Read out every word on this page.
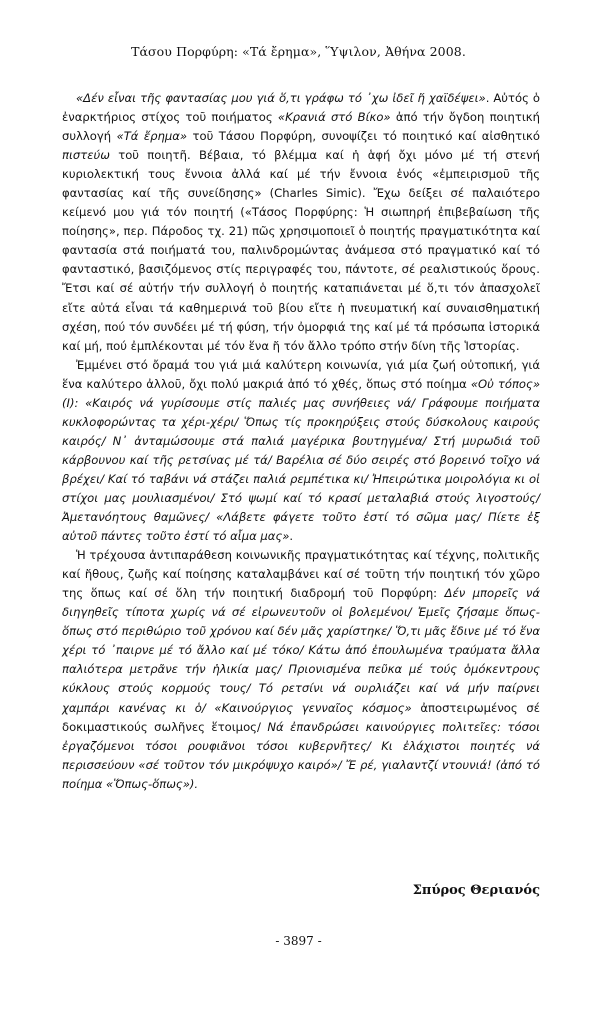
Τάσου Πορφύρη: «Τά ἔρημα», Ὕψιλον, Ἀθήνα 2008.

«Δέν εἶναι τῆς φαντασίας μου γιά ὅ,τι γράφω τό ᾽χω ἰδεῖ ἤ χαϊδέψει». Αὐτός ὁ ἐναρκτήριος στίχος τοῦ ποιήματος «Κρανιά στό Βίκο» ἀπό τήν ὄγδοη ποιητική συλλογή «Τά ἔρημα» τοῦ Τάσου Πορφύρη, συνοψίζει τό ποιητικό καί αἰσθητικό πιστεύω τοῦ ποιητῆ. Βέβαια, τό βλέμμα καί ἡ ἁφή ὄχι μόνο μέ τή στενή κυριολεκτική τους ἔννοια ἀλλά καί μέ τήν ἔννοια ἑνός «ἐμπειρισμοῦ τῆς φαντασίας καί τῆς συνείδησης» (Charles Simic). Ἔχω δείξει σέ παλαιότερο κείμενό μου γιά τόν ποιητή («Τάσος Πορφύρης: Ἡ σιωπηρή ἐπιβεβαίωση τῆς ποίησης», περ. Πάροδος τχ. 21) πῶς χρησιμοποιεῖ ὁ ποιητής πραγματικότητα καί φαντασία στά ποιήματά του, παλινδρομώντας ἀνάμεσα στό πραγματικό καί τό φανταστικό, βασιζόμενος στίς περιγραφές του, πάντοτε, σέ ρεαλιστικούς ὅρους. Ἔτσι καί σέ αὐτήν τήν συλλογή ὁ ποιητής καταπιάνεται μέ ὅ,τι τόν ἀπασχολεῖ εἴτε αὐτά εἶναι τά καθημερινά τοῦ βίου εἴτε ἡ πνευματική καί συναισθηματική σχέση, πού τόν συνδέει μέ τή φύση, τήν ὀμορφιά της καί μέ τά πρόσωπα ἱστορικά καί μή, πού ἐμπλέκονται μέ τόν ἕνα ἤ τόν ἄλλο τρόπο στήν δίνη τῆς Ἱστορίας.

Ἐμμένει στό ὄραμά του γιά μιά καλύτερη κοινωνία, γιά μία ζωή οὐτοπική, γιά ἕνα καλύτερο ἀλλοῦ, ὄχι πολύ μακριά ἀπό τό χθές, ὅπως στό ποίημα «Οὐ τόπος» (Ι): «Καιρός νά γυρίσουμε στίς παλιές μας συνήθειες νά/ Γράφουμε ποιήματα κυκλοφορώντας τα χέρι-χέρι/ Ὅπως τίς προκηρύξεις στούς δύσκολους καιρούς καιρός/ Ν᾽ ἀνταμώσουμε στά παλιά μαγέρικα βουτηγμένα/ Στή μυρωδιά τοῦ κάρβουνου καί τῆς ρετσίνας μέ τά/ Βαρέλια σέ δύο σειρές στό βορεινό τοῖχο νά βρέχει/ Καί τό ταβάνι νά στάζει παλιά ρεμπέτικα κι/ Ἠπειρώτικα μοιρολόγια κι οἱ στίχοι μας μουλιασμένοι/ Στό ψωμί καί τό κρασί μεταλαβιά στούς λιγοστούς/ Ἀμετανόητους θαμῶνες/ «Λάβετε φάγετε τοῦτο ἐστί τό σῶμα μας/ Πίετε ἐξ αὐτοῦ πάντες τοῦτο ἐστί τό αἷμα μας».

Ἡ τρέχουσα ἀντιπαράθεση κοινωνικῆς πραγματικότητας καί τέχνης, πολιτικῆς καί ἤθους, ζωῆς καί ποίησης καταλαμβάνει καί σέ τοῦτη τήν ποιητική τόν χῶρο της ὅπως καί σέ ὅλη τήν ποιητική διαδρομή τοῦ Πορφύρη: Δέν μπορεῖς νά διηγηθεῖς τίποτα χωρίς νά σέ εἰρωνευτοῦν οἱ βολεμένοι/ Ἐμεῖς ζήσαμε ὅπως-ὅπως στό περιθώριο τοῦ χρόνου καί δέν μᾶς χαρίστηκε/ Ὅ,τι μᾶς ἔδινε μέ τό ἕνα χέρι τό ᾽παιρνε μέ τό ἄλλο καί μέ τόκο/ Κάτω ἀπό ἐπουλωμένα τραύματα ἄλλα παλιότερα μετρᾶνε τήν ἡλικία μας/ Πριονισμένα πεῦκα μέ τούς ὁμόκεντρους κύκλους στούς κορμούς τους/ Τό ρετσίνι νά ουρλιάζει καί νά μήν παίρνει χαμπάρι κανένας κι ὁ/ «Καινούργιος γενναῖος κόσμος» ἀποστειρωμένος σέ δοκιμαστικούς σωλῆνες ἕτοιμος/ Νά ἐπανδρώσει καινούργιες πολιτεῖες: τόσοι ἐργαζόμενοι τόσοι ρουφιᾶνοι τόσοι κυβερνῆτες/ Κι ἐλάχιστοι ποιητές νά περισσεύουν «σέ τοῦτον τόν μικρόψυχο καιρό»/ Ἔ ρέ, γιαλαντζί ντουνιά! (ἀπό τό ποίημα «Ὅπως-ὅπως»).

Σπύρος Θεριανός
- 3897 -
